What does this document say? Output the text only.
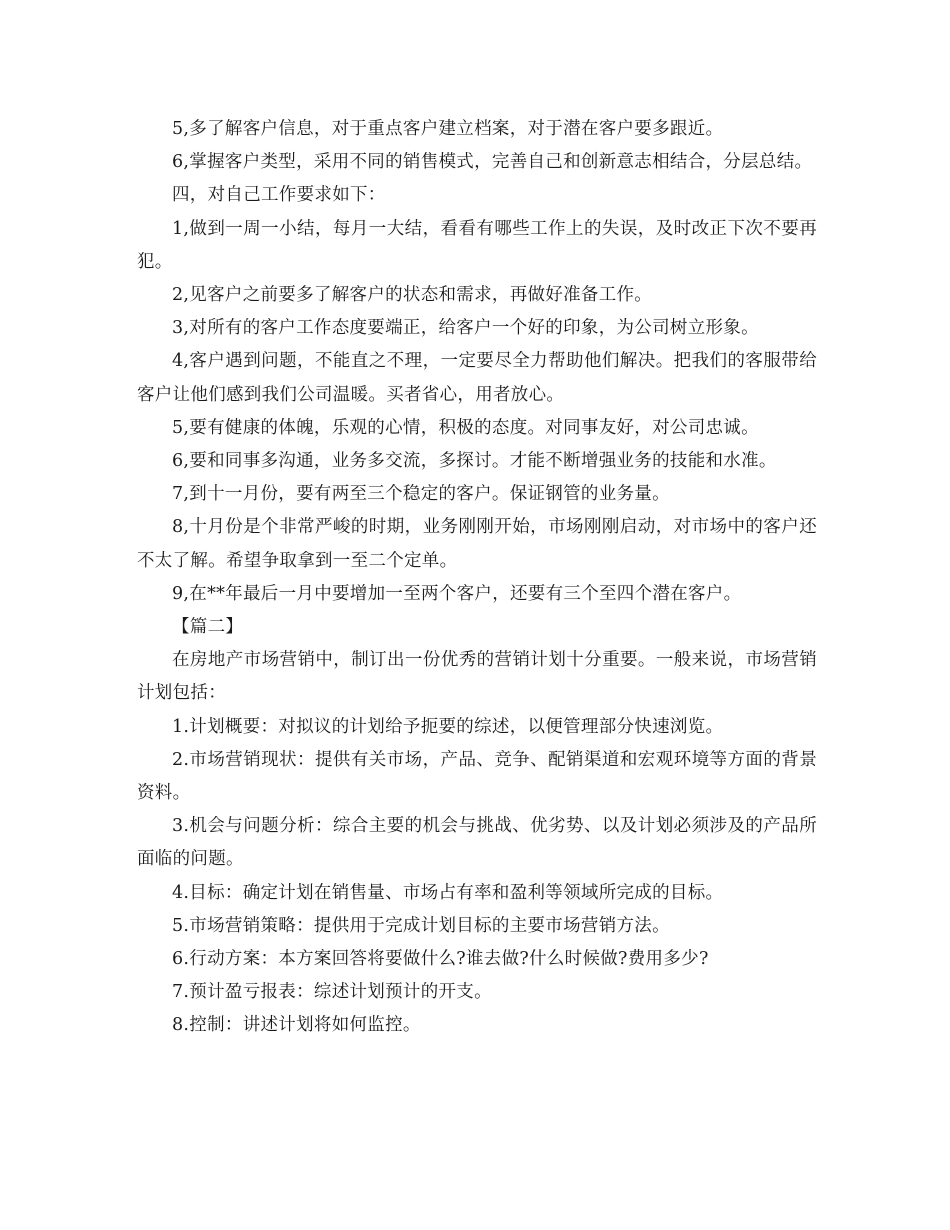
5,多了解客户信息，对于重点客户建立档案，对于潜在客户要多跟近。

6,掌握客户类型，采用不同的销售模式，完善自己和创新意志相结合，分层总结。

四，对自己工作要求如下：

1,做到一周一小结，每月一大结，看看有哪些工作上的失误，及时改正下次不要再犯。

2,见客户之前要多了解客户的状态和需求，再做好准备工作。

3,对所有的客户工作态度要端正，给客户一个好的印象，为公司树立形象。

4,客户遇到问题，不能直之不理，一定要尽全力帮助他们解决。把我们的客服带给客户让他们感到我们公司温暖。买者省心，用者放心。

5,要有健康的体魄，乐观的心情，积极的态度。对同事友好，对公司忠诚。

6,要和同事多沟通，业务多交流，多探讨。才能不断增强业务的技能和水准。

7,到十一月份，要有两至三个稳定的客户。保证钢管的业务量。

8,十月份是个非常严峻的时期，业务刚刚开始，市场刚刚启动，对市场中的客户还不太了解。希望争取拿到一至二个定单。

9,在**年最后一月中要增加一至两个客户，还要有三个至四个潜在客户。

【篇二】

在房地产市场营销中，制订出一份优秀的营销计划十分重要。一般来说，市场营销计划包括：

1.计划概要：对拟议的计划给予扼要的综述，以便管理部分快速浏览。

2.市场营销现状：提供有关市场，产品、竞争、配销渠道和宏观环境等方面的背景资料。

3.机会与问题分析：综合主要的机会与挑战、优劣势、以及计划必须涉及的产品所面临的问题。

4.目标：确定计划在销售量、市场占有率和盈利等领域所完成的目标。

5.市场营销策略：提供用于完成计划目标的主要市场营销方法。

6.行动方案：本方案回答将要做什么?谁去做?什么时候做?费用多少?

7.预计盈亏报表：综述计划预计的开支。

8.控制：讲述计划将如何监控。
